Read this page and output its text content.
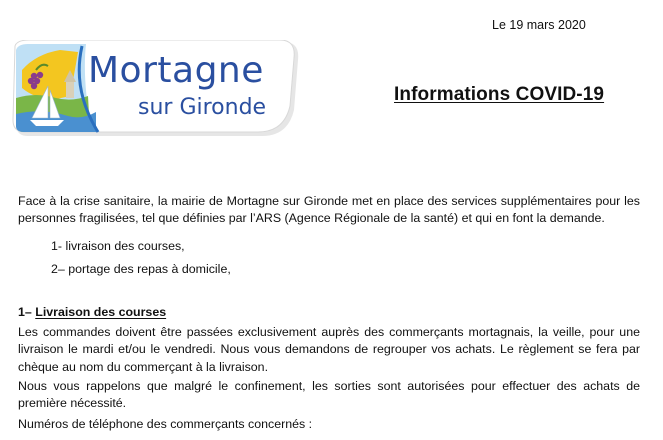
Le 19 mars 2020
Mortagne
sur Gironde
Informations COVID-19
Face à la crise sanitaire, la mairie de Mortagne sur Gironde met en place des services supplémentaires pour les personnes fragilisées, tel que définies par l’ARS (Agence Régionale de la santé) et qui en font la demande.
1- livraison des courses,
2– portage des repas à domicile,
1– Livraison des courses
Les commandes doivent être passées exclusivement auprès des commerçants mortagnais, la veille, pour une livraison le mardi et/ou le vendredi. Nous vous demandons de regrouper vos achats. Le règlement se fera par chèque au nom du commerçant à la livraison.
Nous vous rappelons que malgré le confinement, les sorties sont autorisées pour effectuer des achats de première nécessité.
Numéros de téléphone des commerçants concernés :
